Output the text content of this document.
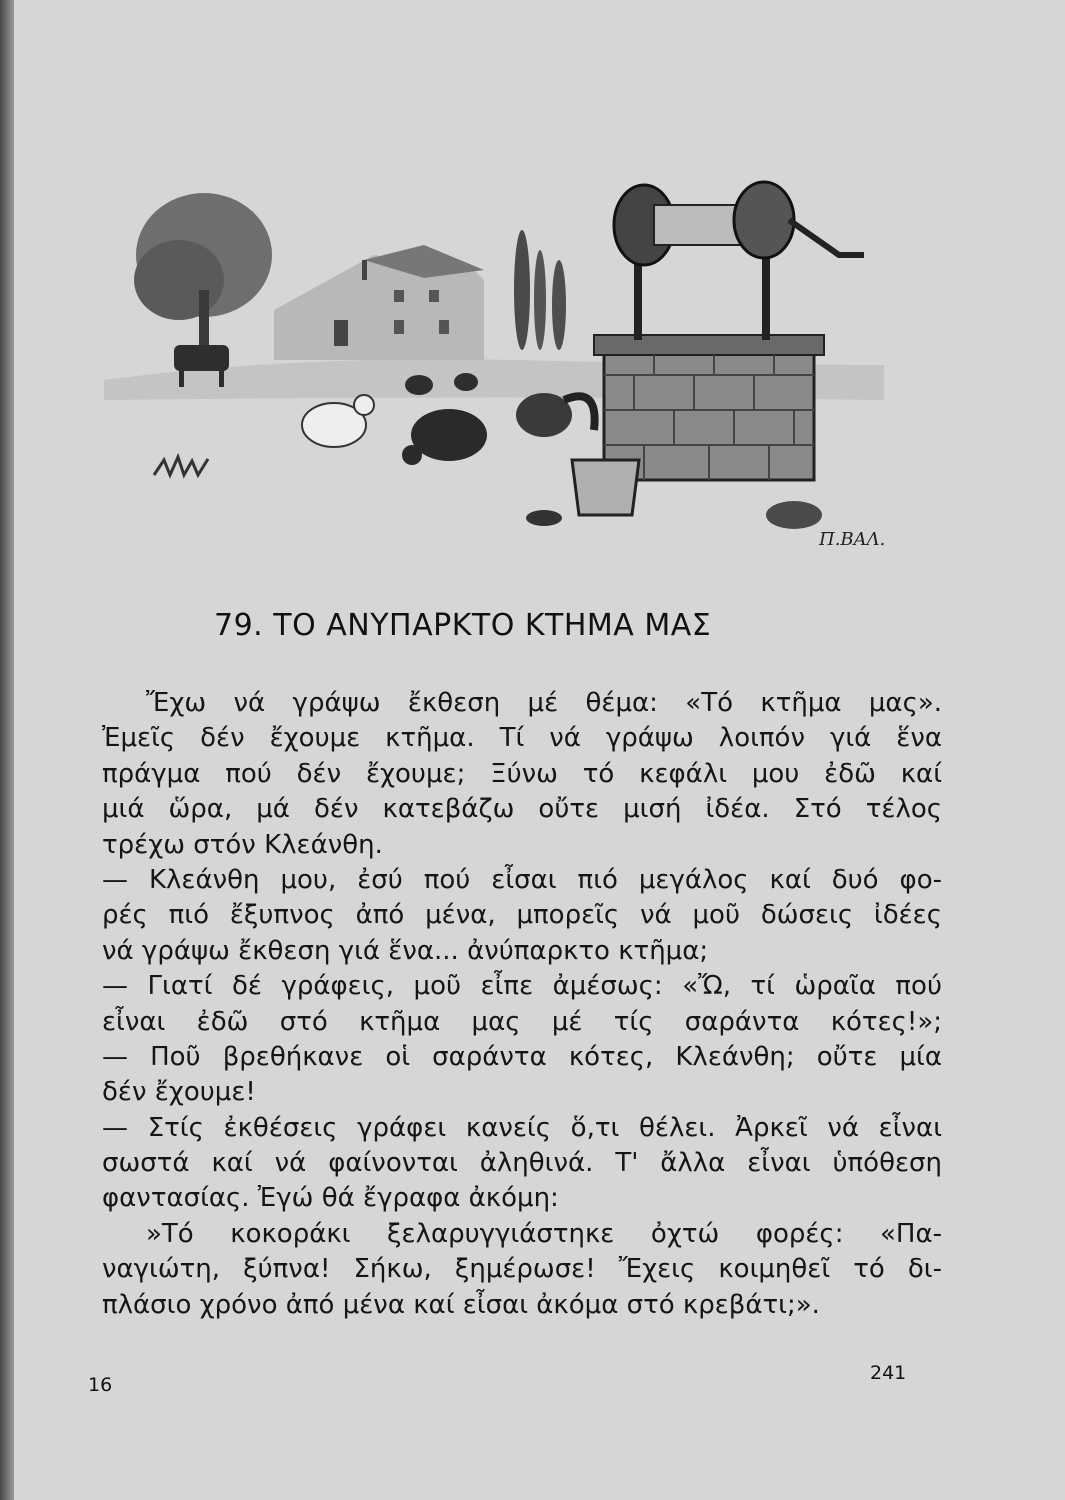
Π.ΒΑΛ.
79. ΤΟ ΑΝΥΠΑΡΚΤΟ ΚΤΗΜΑ ΜΑΣ
Ἔχω νά γράψω ἔκθεση μέ θέμα: «Τό κτῆμα μας».
Ἐμεῖς δέν ἔχουμε κτῆμα. Τί νά γράψω λοιπόν γιά ἕνα
πράγμα πού δέν ἔχουμε; Ξύνω τό κεφάλι μου ἐδῶ καί
μιά ὥρα, μά δέν κατεβάζω οὔτε μισή ἰδέα. Στό τέλος
τρέχω στόν Κλεάνθη.
— Κλεάνθη μου, ἐσύ πού εἶσαι πιό μεγάλος καί δυό φο-
ρές πιό ἔξυπνος ἀπό μένα, μπορεῖς νά μοῦ δώσεις ἰδέες
νά γράψω ἔκθεση γιά ἕνα... ἀνύπαρκτο κτῆμα;
— Γιατί δέ γράφεις, μοῦ εἶπε ἀμέσως: «Ὤ, τί ὡραῖα πού
εἶναι ἐδῶ στό κτῆμα μας μέ τίς σαράντα κότες!»;
— Ποῦ βρεθήκανε οἱ σαράντα κότες, Κλεάνθη; οὔτε μία
δέν ἔχουμε!
— Στίς ἐκθέσεις γράφει κανείς ὅ,τι θέλει. Ἀρκεῖ νά εἶναι
σωστά καί νά φαίνονται ἀληθινά. Τ' ἄλλα εἶναι ὑπόθεση
φαντασίας. Ἐγώ θά ἔγραφα ἀκόμη:
»Τό κοκοράκι ξελαρυγγιάστηκε ὀχτώ φορές: «Πα-
ναγιώτη, ξύπνα! Σήκω, ξημέρωσε! Ἔχεις κοιμηθεῖ τό δι-
πλάσιο χρόνο ἀπό μένα καί εἶσαι ἀκόμα στό κρεβάτι;».
16
241
